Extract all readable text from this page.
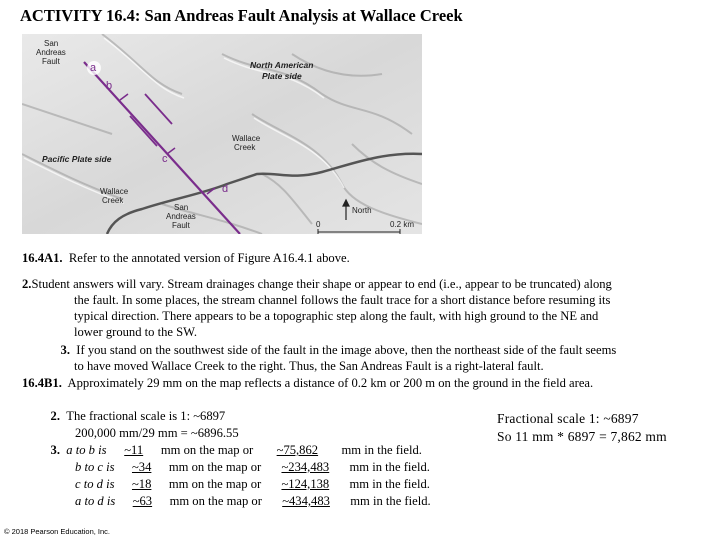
ACTIVITY 16.4: San Andreas Fault Analysis at Wallace Creek
a
b
c
d
San
Andreas
Fault
Wallace
Creek
Wallace
Creek
San
Andreas
Fault
North
0	0.2 km
North American
Plate side
Pacific Plate side
16.4A1. Refer to the annotated version of Figure A16.4.1 above.
2.Student answers will vary. Stream drainages change their shape or appear to end (i.e., appear to be truncated) along
the fault. In some places, the stream channel follows the fault trace for a short distance before resuming its
typical direction. There appears to be a topographic step along the fault, with high ground to the NE and
lower ground to the SW.
3. If you stand on the southwest side of the fault in the image above, then the northeast side of the fault seems
to have moved Wallace Creek to the right. Thus, the San Andreas Fault is a right-lateral fault.
16.4B1. Approximately 29 mm on the map reflects a distance of 0.2 km or 200 m on the ground in the field area.
2. The fractional scale is 1: ~6897
200,000 mm/29 mm = ~6896.55
3. a to b is ~11 mm on the map or ~75,862 mm in the field.
b to c is ~34 mm on the map or ~234,483 mm in the field.
c to d is ~18 mm on the map or ~124,138 mm in the field.
a to d is ~63 mm on the map or ~434,483 mm in the field.
Fractional scale 1: ~6897
So 11 mm * 6897 = 7,862 mm
© 2018 Pearson Education, Inc.
